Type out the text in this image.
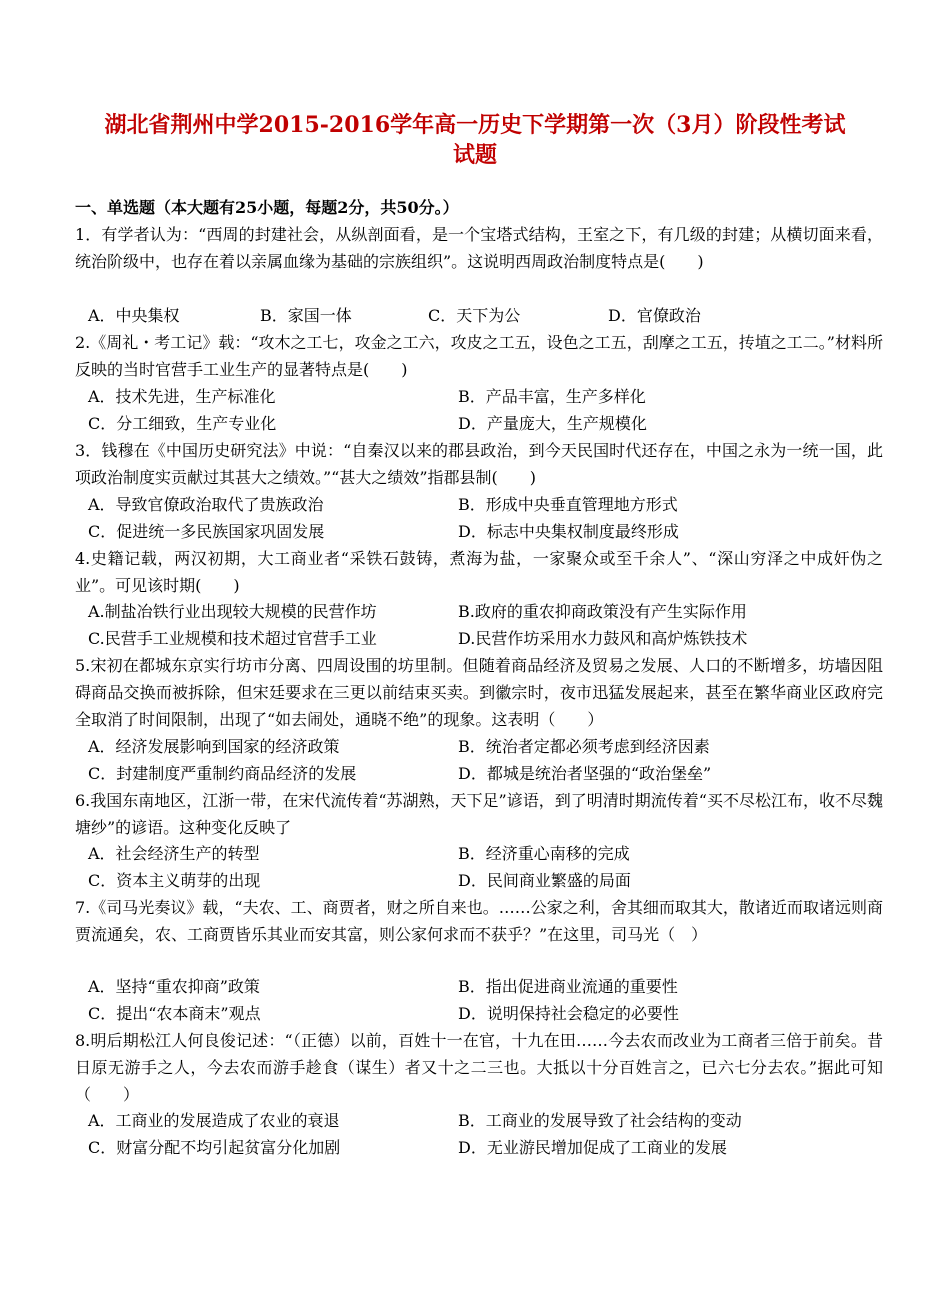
湖北省荆州中学2015-2016学年高一历史下学期第一次（3月）阶段性考试
试题
一、单选题（本大题有25小题，每题2分，共50分。）
1．有学者认为：“西周的封建社会，从纵剖面看，是一个宝塔式结构，王室之下，有几级的封建；从横切面来看，统治阶级中，也存在着以亲属血缘为基础的宗族组织”。这说明西周政治制度特点是(　　)
A．中央集权	B．家国一体	C．天下为公	D．官僚政治
2.《周礼・考工记》载：“攻木之工七，攻金之工六，攻皮之工五，设色之工五，刮摩之工五，抟埴之工二。”材料所反映的当时官营手工业生产的显著特点是(　　)
A．技术先进，生产标准化	B．产品丰富，生产多样化
C．分工细致，生产专业化	D．产量庞大，生产规模化
3．钱穆在《中国历史研究法》中说：“自秦汉以来的郡县政治，到今天民国时代还存在，中国之永为一统一国，此项政治制度实贡献过其甚大之绩效。”“甚大之绩效”指郡县制(　　)
A．导致官僚政治取代了贵族政治	B．形成中央垂直管理地方形式
C．促进统一多民族国家巩固发展	D．标志中央集权制度最终形成
4.史籍记载，两汉初期，大工商业者“采铁石鼓铸，煮海为盐，一家聚众或至千余人”、“深山穷泽之中成奸伪之业”。可见该时期(　　)
A.制盐冶铁行业出现较大规模的民营作坊	B.政府的重农抑商政策没有产生实际作用
C.民营手工业规模和技术超过官营手工业	D.民营作坊采用水力鼓风和高炉炼铁技术
5.宋初在都城东京实行坊市分离、四周设围的坊里制。但随着商品经济及贸易之发展、人口的不断增多，坊墙因阻碍商品交换而被拆除，但宋廷要求在三更以前结束买卖。到徽宗时，夜市迅猛发展起来，甚至在繁华商业区政府完全取消了时间限制，出现了“如去闹处，通晓不绝”的现象。这表明（　　）
A．经济发展影响到国家的经济政策	B．统治者定都必须考虑到经济因素
C．封建制度严重制约商品经济的发展	D．都城是统治者坚强的“政治堡垒”
6.我国东南地区，江浙一带，在宋代流传着“苏湖熟，天下足”谚语，到了明清时期流传着“买不尽松江布，收不尽魏塘纱”的谚语。这种变化反映了
A．社会经济生产的转型	B．经济重心南移的完成
C．资本主义萌芽的出现	D．民间商业繁盛的局面
7.《司马光奏议》载，“夫农、工、商贾者，财之所自来也。……公家之利，舍其细而取其大，散诸近而取诸远则商贾流通矣，农、工商贾皆乐其业而安其富，则公家何求而不获乎？”在这里，司马光（　）
A．坚持“重农抑商”政策	B．指出促进商业流通的重要性
C．提出“农本商末”观点	D．说明保持社会稳定的必要性
8.明后期松江人何良俊记述：“（正德）以前，百姓十一在官，十九在田……今去农而改业为工商者三倍于前矣。昔日原无游手之人，今去农而游手趁食（谋生）者又十之二三也。大抵以十分百姓言之，已六七分去农。”据此可知（　　）
A．工商业的发展造成了农业的衰退	B．工商业的发展导致了社会结构的变动
C．财富分配不均引起贫富分化加剧	D．无业游民增加促成了工商业的发展
